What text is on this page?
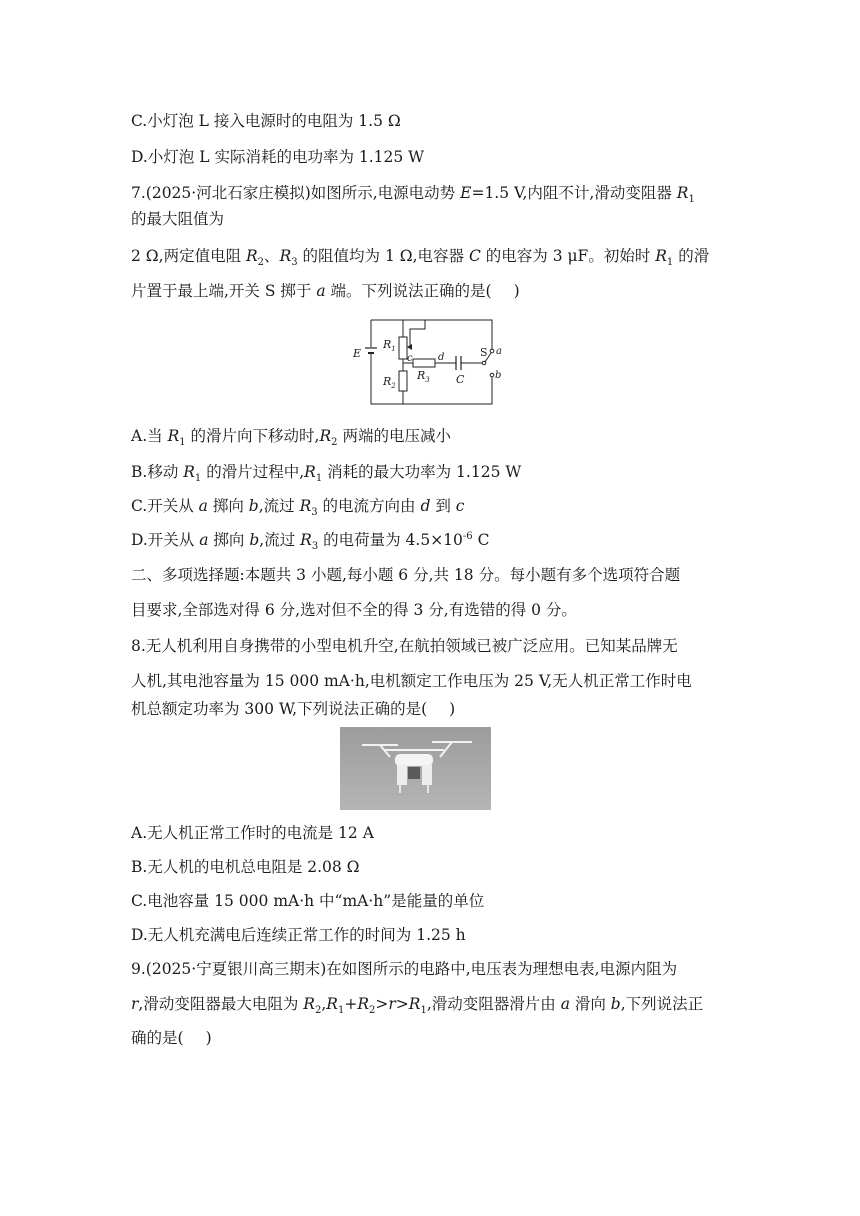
C.小灯泡 L 接入电源时的电阻为 1.5 Ω
D.小灯泡 L 实际消耗的电功率为 1.125 W
7.(2025·河北石家庄模拟)如图所示,电源电动势 E=1.5 V,内阻不计,滑动变阻器 $R_1$
的最大阻值为
2 Ω,两定值电阻 $R_2$、$R_3$ 的阻值均为 1 Ω,电容器 C 的电容为 3 μF。初始时 $R_1$ 的滑
片置于最上端,开关 S 掷于 a 端。下列说法正确的是( )
E
$R_1$
$R_2$
$R_3$
c	d
C
S a
b
A.当 $R_1$ 的滑片向下移动时$,R_2$ 两端的电压减小
B.移动 $R_1$ 的滑片过程中$,R_1$ 消耗的最大功率为 1.125 W
C.开关从 a 掷向 b,流过 $R_3$ 的电流方向由 d 到 c
D.开关从 a 掷向 b,流过 $R_3$ 的电荷量为 $4.5\times 10^{-6}$ C
二、多项选择题:本题共 3 小题,每小题 6 分,共 18 分。每小题有多个选项符合题
目要求,全部选对得 6 分,选对但不全的得 3 分,有选错的得 0 分。
8.无人机利用自身携带的小型电机升空,在航拍领域已被广泛应用。已知某品牌无
人机,其电池容量为 15 000 mA·h,电机额定工作电压为 25 V,无人机正常工作时电
机总额定功率为 300 W,下列说法正确的是( )
A.无人机正常工作时的电流是 12 A
B.无人机的电机总电阻是 2.08 Ω
C.电池容量 15 000 mA·h 中“mA·h”是能量的单位
D.无人机充满电后连续正常工作的时间为 1.25 h
9.(2025·宁夏银川高三期末)在如图所示的电路中,电压表为理想电表,电源内阻为
r,滑动变阻器最大电阻为 $R_2,R_1+R_2>r>R_1$,滑动变阻器滑片由 a 滑向 b,下列说法正
确的是( )
